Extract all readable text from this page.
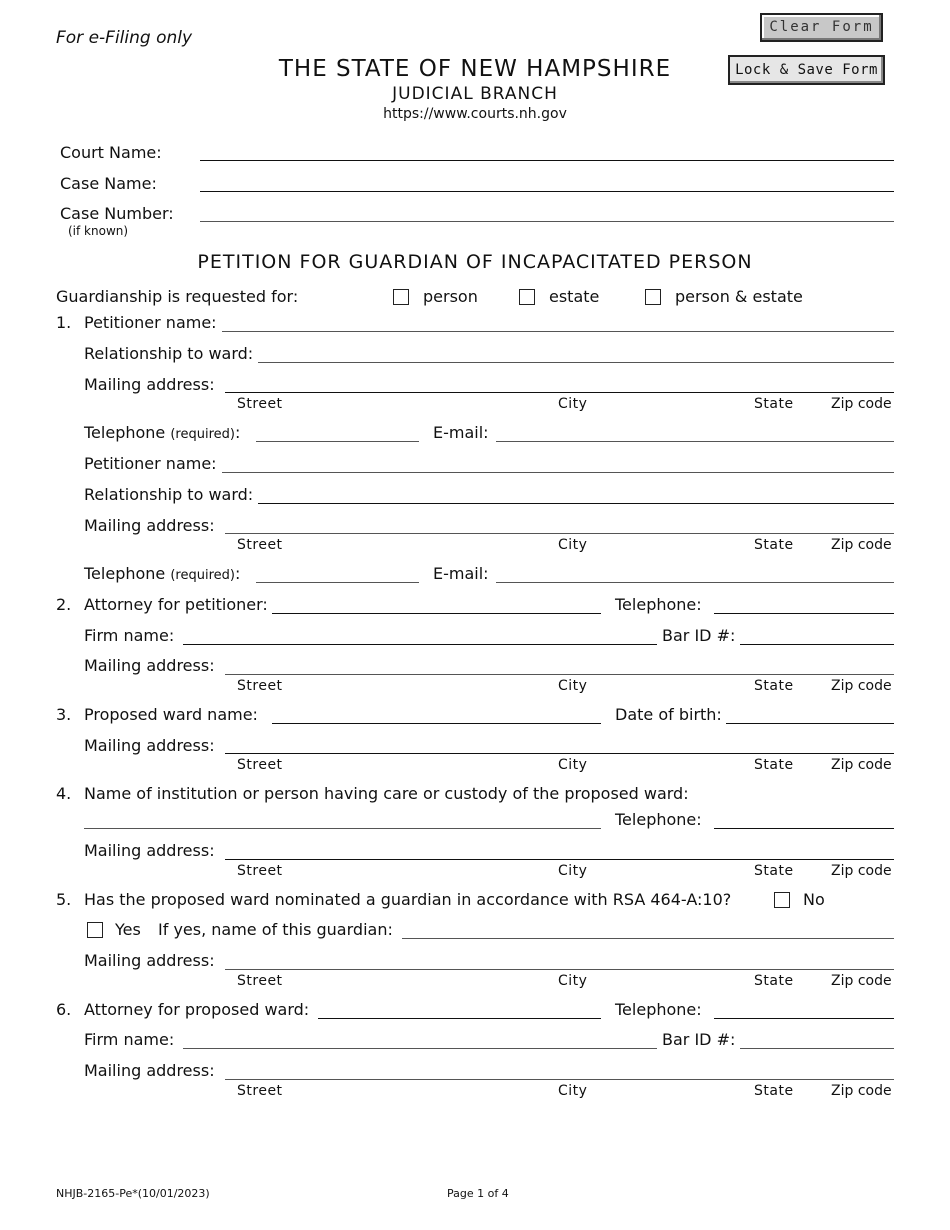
For e-Filing only
Clear Form
Lock & Save Form
THE STATE OF NEW HAMPSHIRE
JUDICIAL BRANCH
https://www.courts.nh.gov
Court Name:
Case Name:
Case Number:
(if known)
PETITION FOR GUARDIAN OF INCAPACITATED PERSON
Guardianship is requested for:	person	estate	person & estate
1. Petitioner name:
Relationship to ward:
Mailing address:
Street	City	State	Zip code
Telephone (required):	E-mail:
Petitioner name:
Relationship to ward:
Mailing address:
Street	City	State	Zip code
Telephone (required):	E-mail:
2. Attorney for petitioner:	Telephone:
Firm name:	Bar ID #:
Mailing address:
Street	City	State	Zip code
3. Proposed ward name:	Date of birth:
Mailing address:
Street	City	State	Zip code
4. Name of institution or person having care or custody of the proposed ward:
Telephone:
Mailing address:
Street	City	State	Zip code
5. Has the proposed ward nominated a guardian in accordance with RSA 464-A:10?	No
Yes If yes, name of this guardian:
Mailing address:
Street	City	State	Zip code
6. Attorney for proposed ward:	Telephone:
Firm name:	Bar ID #:
Mailing address:
Street	City	State	Zip code
NHJB-2165-Pe*(10/01/2023)	Page 1 of 4
